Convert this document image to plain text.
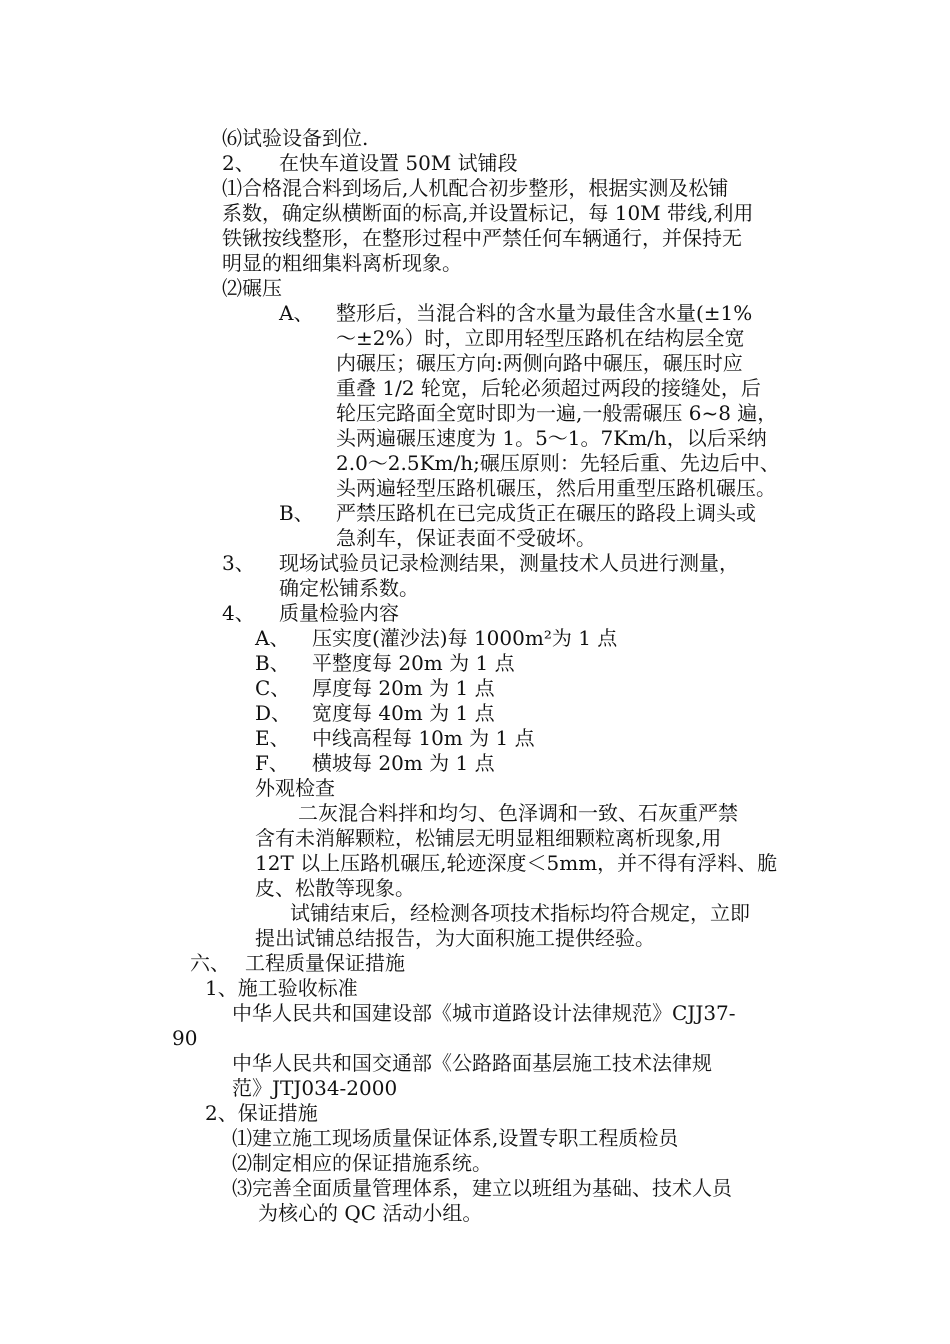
⑹试验设备到位.
2、 在快车道设置 50M 试铺段
⑴合格混合料到场后,人机配合初步整形，根据实测及松铺
系数，确定纵横断面的标高,并设置标记，每 10M 带线,利用
铁锹按线整形，在整形过程中严禁任何车辆通行，并保持无
明显的粗细集料离析现象。
⑵碾压
A、 整形后，当混合料的含水量为最佳含水量(±1%
～±2%）时，立即用轻型压路机在结构层全宽
内碾压；碾压方向:两侧向路中碾压，碾压时应
重叠 1/2 轮宽，后轮必须超过两段的接缝处，后
轮压完路面全宽时即为一遍,一般需碾压 6~8 遍，
头两遍碾压速度为 1。5～1。7Km/h，以后采纳
2.0～2.5Km/h;碾压原则：先轻后重、先边后中、
头两遍轻型压路机碾压，然后用重型压路机碾压。
B、 严禁压路机在已完成货正在碾压的路段上调头或
急刹车，保证表面不受破坏。
3、 现场试验员记录检测结果，测量技术人员进行测量，
确定松铺系数。
4、 质量检验内容
A、 压实度(灌沙法)每 1000m²为 1 点
B、 平整度每 20m 为 1 点
C、 厚度每 20m 为 1 点
D、 宽度每 40m 为 1 点
E、 中线高程每 10m 为 1 点
F、 横坡每 20m 为 1 点
外观检查
二灰混合料拌和均匀、色泽调和一致、石灰重严禁
含有未消解颗粒，松铺层无明显粗细颗粒离析现象,用
12T 以上压路机碾压,轮迹深度＜5mm，并不得有浮料、脆
皮、松散等现象。
试铺结束后，经检测各项技术指标均符合规定，立即
提出试铺总结报告，为大面积施工提供经验。
六、 工程质量保证措施
1、施工验收标准
中华人民共和国建设部《城市道路设计法律规范》CJJ37-
90
中华人民共和国交通部《公路路面基层施工技术法律规
范》JTJ034-2000
2、保证措施
⑴建立施工现场质量保证体系,设置专职工程质检员
⑵制定相应的保证措施系统。
⑶完善全面质量管理体系，建立以班组为基础、技术人员
为核心的 QC 活动小组。
